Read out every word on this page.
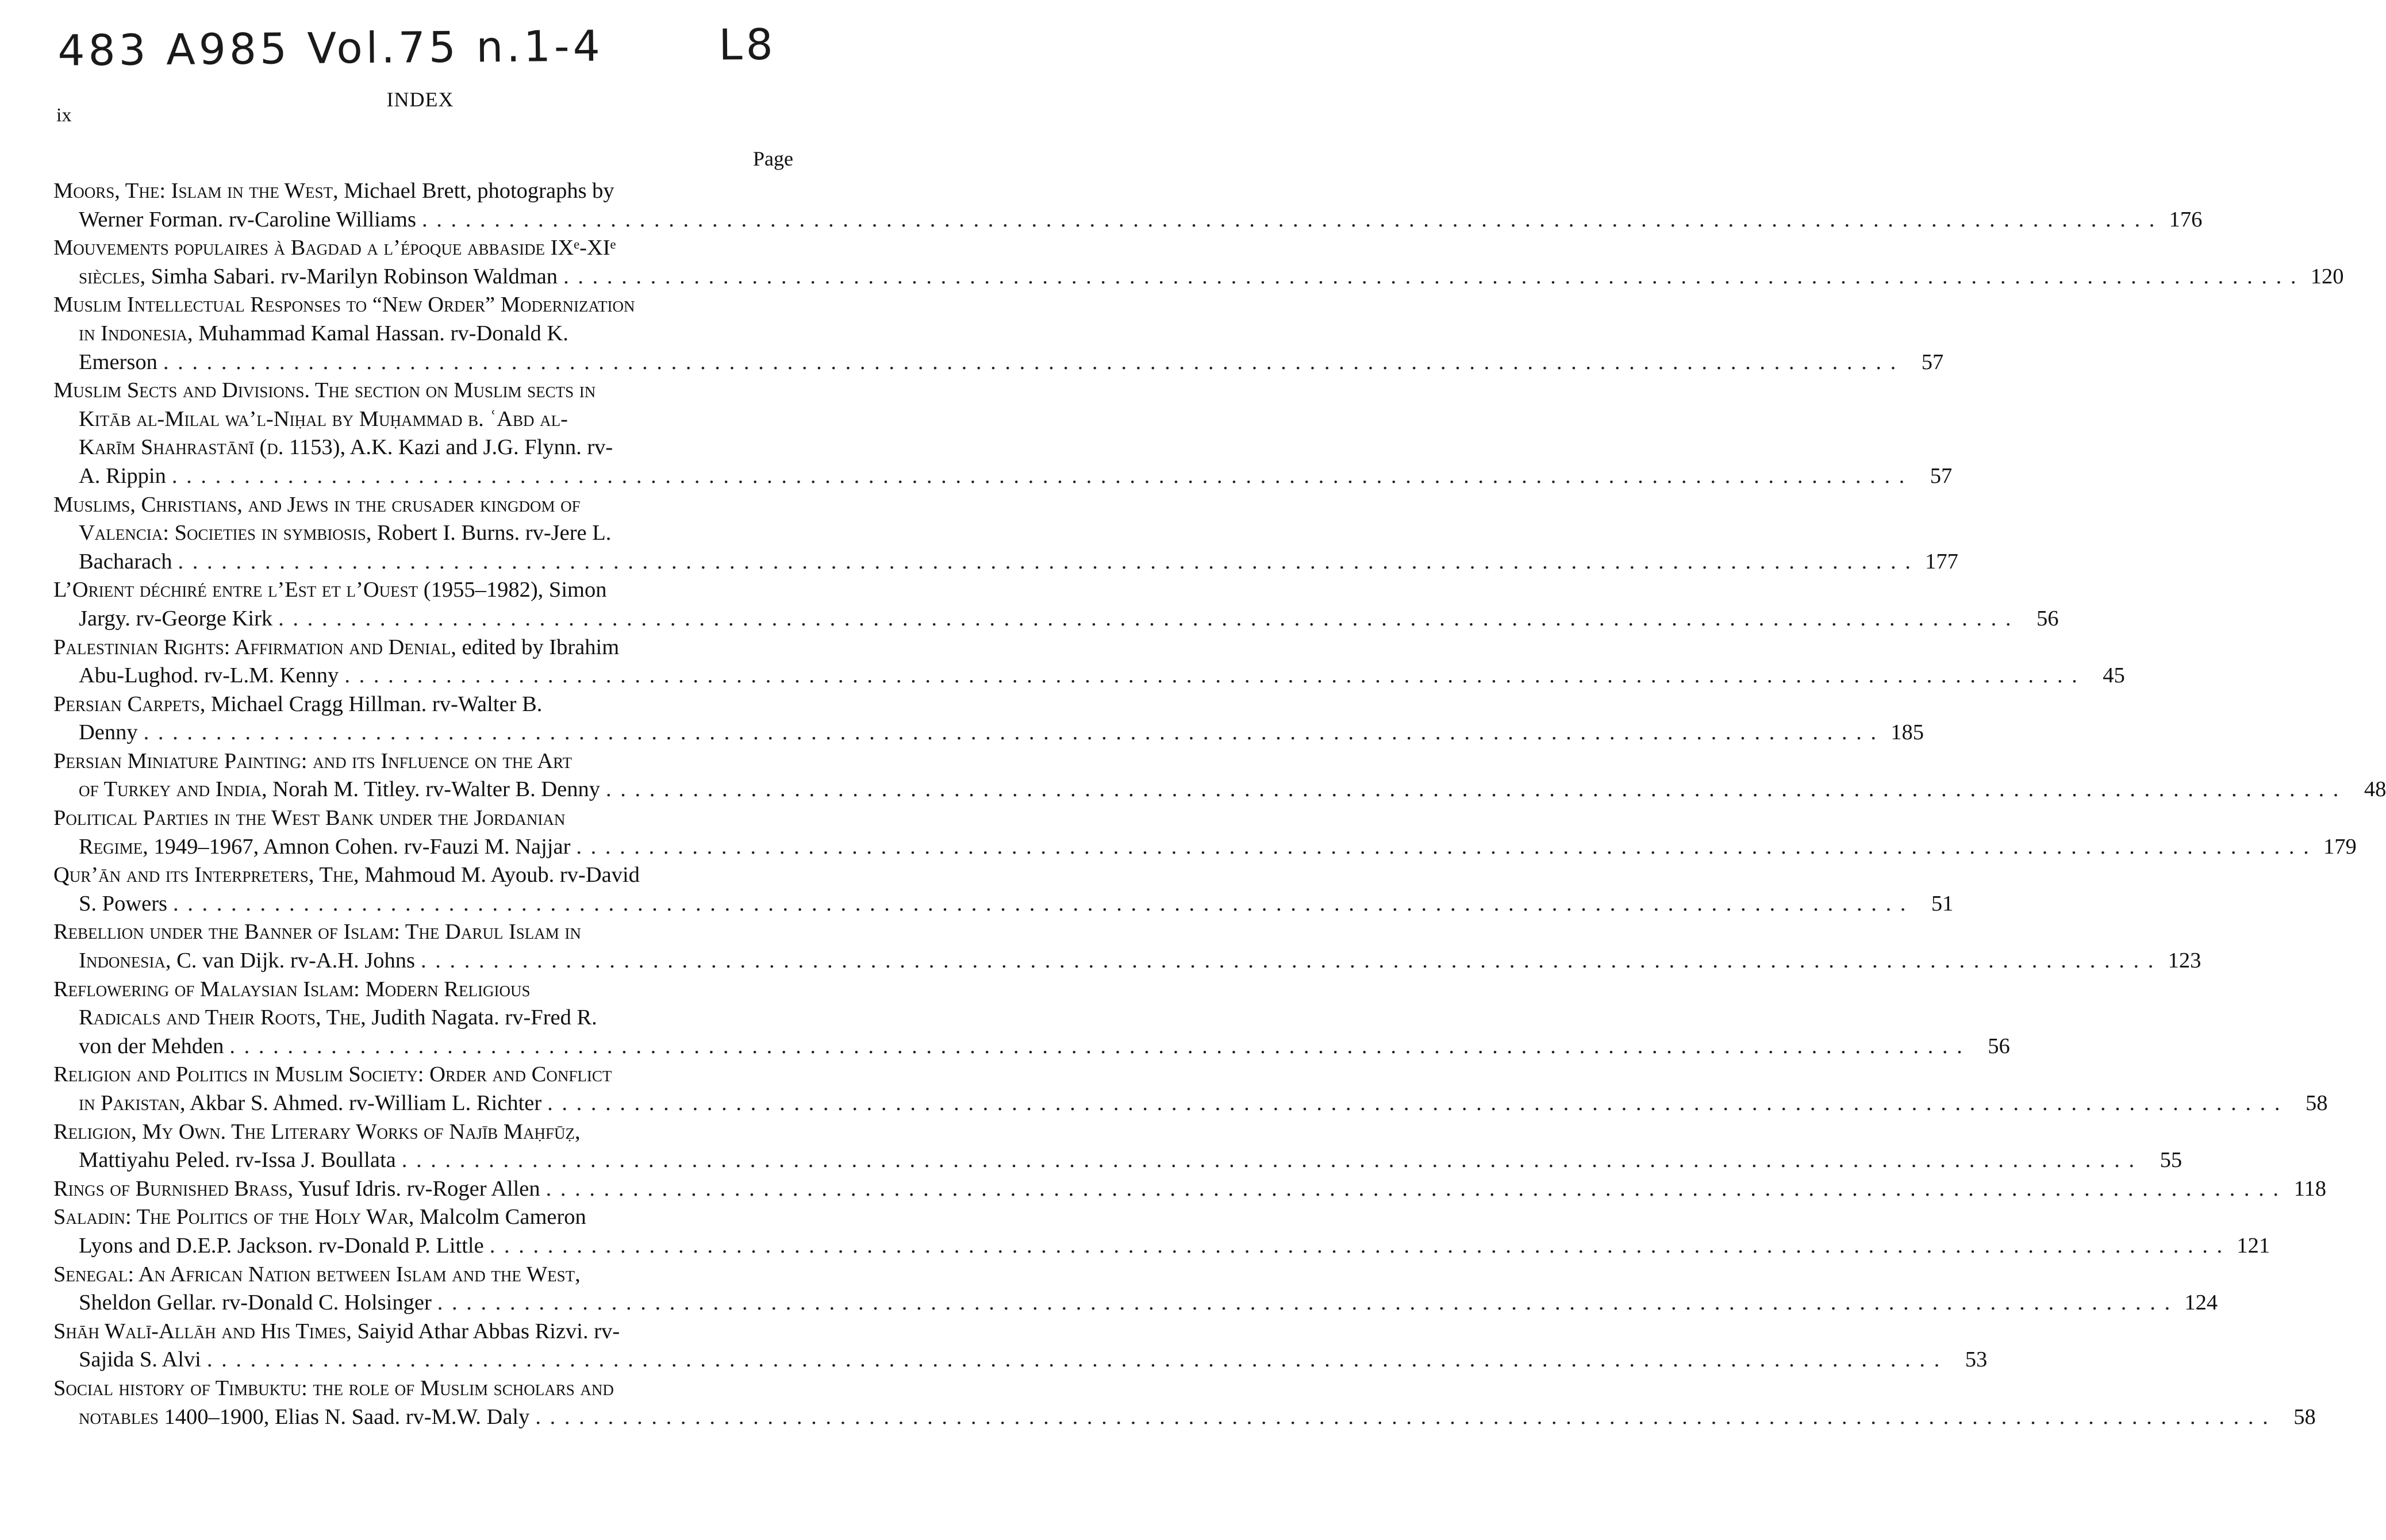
483 A985 Vol.75 n.1-4	L8
INDEX
ix
Page
Moors, The: Islam in the West, Michael Brett, photographs by
Werner Forman. rv-Caroline Williams . . . . . . . . . . . . . . . . . . . . . . . . . . . . . . . . . . . . . . . . . . . . . . . . . . . . . . . . . . . . . . . . . . . . . . . . . . . . . . . . . . . . . . . . . . . . . . . . . . . . . . . . . . . . . . . . . . . . . . . . 176
Mouvements populaires à Bagdad a l’époque abbaside IXᵉ-XIᵉ
siècles, Simha Sabari. rv-Marilyn Robinson Waldman . . . . . . . . . . . . . . . . . . . . . . . . . . . . . . . . . . . . . . . . . . . . . . . . . . . . . . . . . . . . . . . . . . . . . . . . . . . . . . . . . . . . . . . . . . . . . . . . . . . . . . . . . . . . . . . . . . . . . . . . 120
Muslim Intellectual Responses to “New Order” Modernization
in Indonesia, Muhammad Kamal Hassan. rv-Donald K.
Emerson . . . . . . . . . . . . . . . . . . . . . . . . . . . . . . . . . . . . . . . . . . . . . . . . . . . . . . . . . . . . . . . . . . . . . . . . . . . . . . . . . . . . . . . . . . . . . . . . . . . . . . . . . . . . . . . . . . . . . . . .	57
Muslim Sects and Divisions. The section on Muslim sects in
Kitāb al-Milal wa’l-Niḥal by Muḥammad b. ʿAbd al-
Karīm Shahrastānī (d. 1153), A.K. Kazi and J.G. Flynn. rv-
A. Rippin . . . . . . . . . . . . . . . . . . . . . . . . . . . . . . . . . . . . . . . . . . . . . . . . . . . . . . . . . . . . . . . . . . . . . . . . . . . . . . . . . . . . . . . . . . . . . . . . . . . . . . . . . . . . . . . . . . . . . . . .	57
Muslims, Christians, and Jews in the crusader kingdom of
Valencia: Societies in symbiosis, Robert I. Burns. rv-Jere L.
Bacharach . . . . . . . . . . . . . . . . . . . . . . . . . . . . . . . . . . . . . . . . . . . . . . . . . . . . . . . . . . . . . . . . . . . . . . . . . . . . . . . . . . . . . . . . . . . . . . . . . . . . . . . . . . . . . . . . . . . . . . . . 177
L’Orient déchiré entre l’Est et l’Ouest (1955–1982), Simon
Jargy. rv-George Kirk . . . . . . . . . . . . . . . . . . . . . . . . . . . . . . . . . . . . . . . . . . . . . . . . . . . . . . . . . . . . . . . . . . . . . . . . . . . . . . . . . . . . . . . . . . . . . . . . . . . . . . . . . . . . . . . . . . . . . . . .	56
Palestinian Rights: Affirmation and Denial, edited by Ibrahim
Abu-Lughod. rv-L.M. Kenny . . . . . . . . . . . . . . . . . . . . . . . . . . . . . . . . . . . . . . . . . . . . . . . . . . . . . . . . . . . . . . . . . . . . . . . . . . . . . . . . . . . . . . . . . . . . . . . . . . . . . . . . . . . . . . . . . . . . . . . .	45
Persian Carpets, Michael Cragg Hillman. rv-Walter B.
Denny . . . . . . . . . . . . . . . . . . . . . . . . . . . . . . . . . . . . . . . . . . . . . . . . . . . . . . . . . . . . . . . . . . . . . . . . . . . . . . . . . . . . . . . . . . . . . . . . . . . . . . . . . . . . . . . . . . . . . . . . 185
Persian Miniature Painting: and its Influence on the Art
of Turkey and India, Norah M. Titley. rv-Walter B. Denny . . . . . . . . . . . . . . . . . . . . . . . . . . . . . . . . . . . . . . . . . . . . . . . . . . . . . . . . . . . . . . . . . . . . . . . . . . . . . . . . . . . . . . . . . . . . . . . . . . . . . . . . . . . . . . . . . . . . . . . .	48
Political Parties in the West Bank under the Jordanian
Regime, 1949–1967, Amnon Cohen. rv-Fauzi M. Najjar . . . . . . . . . . . . . . . . . . . . . . . . . . . . . . . . . . . . . . . . . . . . . . . . . . . . . . . . . . . . . . . . . . . . . . . . . . . . . . . . . . . . . . . . . . . . . . . . . . . . . . . . . . . . . . . . . . . . . . . . 179
Qur’ān and its Interpreters, The, Mahmoud M. Ayoub. rv-David
S. Powers . . . . . . . . . . . . . . . . . . . . . . . . . . . . . . . . . . . . . . . . . . . . . . . . . . . . . . . . . . . . . . . . . . . . . . . . . . . . . . . . . . . . . . . . . . . . . . . . . . . . . . . . . . . . . . . . . . . . . . . .	51
Rebellion under the Banner of Islam: The Darul Islam in
Indonesia, C. van Dijk. rv-A.H. Johns . . . . . . . . . . . . . . . . . . . . . . . . . . . . . . . . . . . . . . . . . . . . . . . . . . . . . . . . . . . . . . . . . . . . . . . . . . . . . . . . . . . . . . . . . . . . . . . . . . . . . . . . . . . . . . . . . . . . . . . . 123
Reflowering of Malaysian Islam: Modern Religious
Radicals and Their Roots, The, Judith Nagata. rv-Fred R.
von der Mehden . . . . . . . . . . . . . . . . . . . . . . . . . . . . . . . . . . . . . . . . . . . . . . . . . . . . . . . . . . . . . . . . . . . . . . . . . . . . . . . . . . . . . . . . . . . . . . . . . . . . . . . . . . . . . . . . . . . . . . . .	56
Religion and Politics in Muslim Society: Order and Conflict
in Pakistan, Akbar S. Ahmed. rv-William L. Richter . . . . . . . . . . . . . . . . . . . . . . . . . . . . . . . . . . . . . . . . . . . . . . . . . . . . . . . . . . . . . . . . . . . . . . . . . . . . . . . . . . . . . . . . . . . . . . . . . . . . . . . . . . . . . . . . . . . . . . . .	58
Religion, My Own. The Literary Works of Najīb Maḥfūẓ,
Mattiyahu Peled. rv-Issa J. Boullata . . . . . . . . . . . . . . . . . . . . . . . . . . . . . . . . . . . . . . . . . . . . . . . . . . . . . . . . . . . . . . . . . . . . . . . . . . . . . . . . . . . . . . . . . . . . . . . . . . . . . . . . . . . . . . . . . . . . . . . .	55
Rings of Burnished Brass, Yusuf Idris. rv-Roger Allen . . . . . . . . . . . . . . . . . . . . . . . . . . . . . . . . . . . . . . . . . . . . . . . . . . . . . . . . . . . . . . . . . . . . . . . . . . . . . . . . . . . . . . . . . . . . . . . . . . . . . . . . . . . . . . . . . . . . . . . . 118
Saladin: The Politics of the Holy War, Malcolm Cameron
Lyons and D.E.P. Jackson. rv-Donald P. Little . . . . . . . . . . . . . . . . . . . . . . . . . . . . . . . . . . . . . . . . . . . . . . . . . . . . . . . . . . . . . . . . . . . . . . . . . . . . . . . . . . . . . . . . . . . . . . . . . . . . . . . . . . . . . . . . . . . . . . . . 121
Senegal: An African Nation between Islam and the West,
Sheldon Gellar. rv-Donald C. Holsinger . . . . . . . . . . . . . . . . . . . . . . . . . . . . . . . . . . . . . . . . . . . . . . . . . . . . . . . . . . . . . . . . . . . . . . . . . . . . . . . . . . . . . . . . . . . . . . . . . . . . . . . . . . . . . . . . . . . . . . . . 124
Shāh Walī-Allāh and His Times, Saiyid Athar Abbas Rizvi. rv-
Sajida S. Alvi . . . . . . . . . . . . . . . . . . . . . . . . . . . . . . . . . . . . . . . . . . . . . . . . . . . . . . . . . . . . . . . . . . . . . . . . . . . . . . . . . . . . . . . . . . . . . . . . . . . . . . . . . . . . . . . . . . . . . . . .	53
Social history of Timbuktu: the role of Muslim scholars and
notables 1400–1900, Elias N. Saad. rv-M.W. Daly . . . . . . . . . . . . . . . . . . . . . . . . . . . . . . . . . . . . . . . . . . . . . . . . . . . . . . . . . . . . . . . . . . . . . . . . . . . . . . . . . . . . . . . . . . . . . . . . . . . . . . . . . . . . . . . . . . . . . . . .	58
